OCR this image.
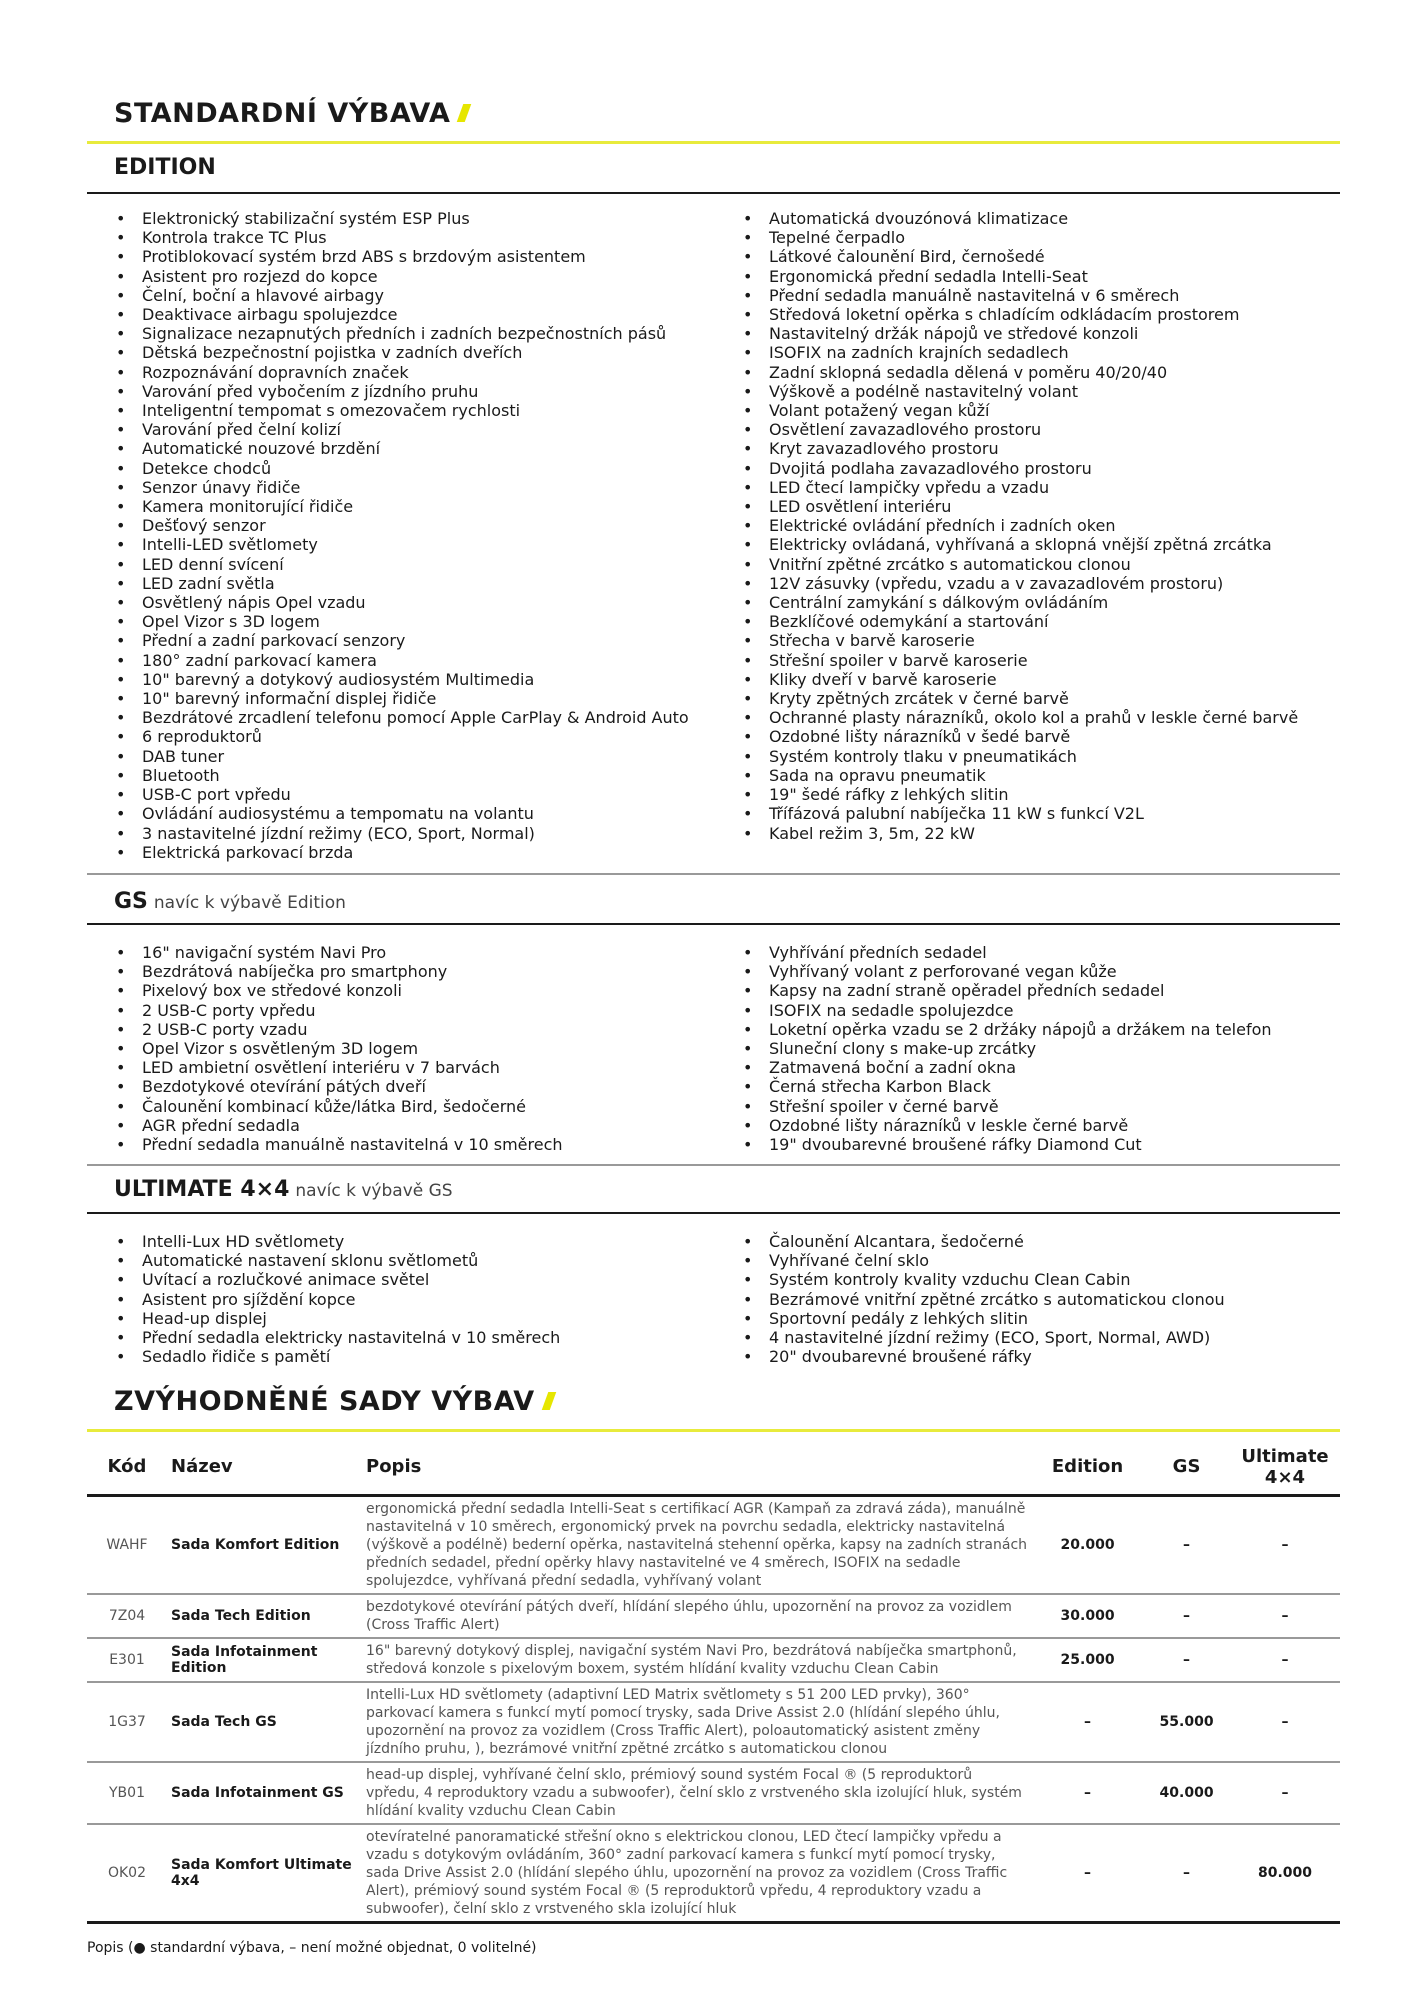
STANDARDNÍ VÝBAVA
EDITION
• Elektronický stabilizační systém ESP Plus
• Kontrola trakce TC Plus
• Protiblokovací systém brzd ABS s brzdovým asistentem
• Asistent pro rozjezd do kopce
• Čelní, boční a hlavové airbagy
• Deaktivace airbagu spolujezdce
• Signalizace nezapnutých předních i zadních bezpečnostních pásů
• Dětská bezpečnostní pojistka v zadních dveřích
• Rozpoznávání dopravních značek
• Varování před vybočením z jízdního pruhu
• Inteligentní tempomat s omezovačem rychlosti
• Varování před čelní kolizí
• Automatické nouzové brzdění
• Detekce chodců
• Senzor únavy řidiče
• Kamera monitorující řidiče
• Dešťový senzor
• Intelli-LED světlomety
• LED denní svícení
• LED zadní světla
• Osvětlený nápis Opel vzadu
• Opel Vizor s 3D logem
• Přední a zadní parkovací senzory
• 180° zadní parkovací kamera
• 10" barevný a dotykový audiosystém Multimedia
• 10" barevný informační displej řidiče
• Bezdrátové zrcadlení telefonu pomocí Apple CarPlay & Android Auto
• 6 reproduktorů
• DAB tuner
• Bluetooth
• USB-C port vpředu
• Ovládání audiosystému a tempomatu na volantu
• 3 nastavitelné jízdní režimy (ECO, Sport, Normal)
• Elektrická parkovací brzda
• Automatická dvouzónová klimatizace
• Tepelné čerpadlo
• Látkové čalounění Bird, černošedé
• Ergonomická přední sedadla Intelli-Seat
• Přední sedadla manuálně nastavitelná v 6 směrech
• Středová loketní opěrka s chladícím odkládacím prostorem
• Nastavitelný držák nápojů ve středové konzoli
• ISOFIX na zadních krajních sedadlech
• Zadní sklopná sedadla dělená v poměru 40/20/40
• Výškově a podélně nastavitelný volant
• Volant potažený vegan kůží
• Osvětlení zavazadlového prostoru
• Kryt zavazadlového prostoru
• Dvojitá podlaha zavazadlového prostoru
• LED čtecí lampičky vpředu a vzadu
• LED osvětlení interiéru
• Elektrické ovládání předních i zadních oken
• Elektricky ovládaná, vyhřívaná a sklopná vnější zpětná zrcátka
• Vnitřní zpětné zrcátko s automatickou clonou
• 12V zásuvky (vpředu, vzadu a v zavazadlovém prostoru)
• Centrální zamykání s dálkovým ovládáním
• Bezklíčové odemykání a startování
• Střecha v barvě karoserie
• Střešní spoiler v barvě karoserie
• Kliky dveří v barvě karoserie
• Kryty zpětných zrcátek v černé barvě
• Ochranné plasty nárazníků, okolo kol a prahů v leskle černé barvě
• Ozdobné lišty nárazníků v šedé barvě
• Systém kontroly tlaku v pneumatikách
• Sada na opravu pneumatik
• 19" šedé ráfky z lehkých slitin
• Třífázová palubní nabíječka 11 kW s funkcí V2L
• Kabel režim 3, 5m, 22 kW
GS navíc k výbavě Edition
• 16" navigační systém Navi Pro
• Bezdrátová nabíječka pro smartphony
• Pixelový box ve středové konzoli
• 2 USB-C porty vpředu
• 2 USB-C porty vzadu
• Opel Vizor s osvětleným 3D logem
• LED ambietní osvětlení interiéru v 7 barvách
• Bezdotykové otevírání pátých dveří
• Čalounění kombinací kůže/látka Bird, šedočerné
• AGR přední sedadla
• Přední sedadla manuálně nastavitelná v 10 směrech
• Vyhřívání předních sedadel
• Vyhřívaný volant z perforované vegan kůže
• Kapsy na zadní straně opěradel předních sedadel
• ISOFIX na sedadle spolujezdce
• Loketní opěrka vzadu se 2 držáky nápojů a držákem na telefon
• Sluneční clony s make-up zrcátky
• Zatmavená boční a zadní okna
• Černá střecha Karbon Black
• Střešní spoiler v černé barvě
• Ozdobné lišty nárazníků v leskle černé barvě
• 19" dvoubarevné broušené ráfky Diamond Cut
ULTIMATE 4×4 navíc k výbavě GS
• Intelli-Lux HD světlomety
• Automatické nastavení sklonu světlometů
• Uvítací a rozlučkové animace světel
• Asistent pro sjíždění kopce
• Head-up displej
• Přední sedadla elektricky nastavitelná v 10 směrech
• Sedadlo řidiče s pamětí
• Čalounění Alcantara, šedočerné
• Vyhřívané čelní sklo
• Systém kontroly kvality vzduchu Clean Cabin
• Bezrámové vnitřní zpětné zrcátko s automatickou clonou
• Sportovní pedály z lehkých slitin
• 4 nastavitelné jízdní režimy (ECO, Sport, Normal, AWD)
• 20" dvoubarevné broušené ráfky
ZVÝHODNĚNÉ SADY VÝBAV
Kód	Název	Popis	Edition	GS	Ultimate 4×4
WAHF	Sada Komfort Edition	ergonomická přední sedadla Intelli-Seat s certifikací AGR (Kampaň za zdravá záda), manuálně nastavitelná v 10 směrech, ergonomický prvek na povrchu sedadla, elektricky nastavitelná (výškově a podélně) bederní opěrka, nastavitelná stehenní opěrka, kapsy na zadních stranách předních sedadel, přední opěrky hlavy nastavitelné ve 4 směrech, ISOFIX na sedadle spolujezdce, vyhřívaná přední sedadla, vyhřívaný volant	20.000	–	–
7Z04	Sada Tech Edition	bezdotykové otevírání pátých dveří, hlídání slepého úhlu, upozornění na provoz za vozidlem (Cross Traffic Alert)	30.000	–	–
E301	Sada Infotainment Edition	16" barevný dotykový displej, navigační systém Navi Pro, bezdrátová nabíječka smartphonů, středová konzole s pixelovým boxem, systém hlídání kvality vzduchu Clean Cabin	25.000	–	–
1G37	Sada Tech GS	Intelli-Lux HD světlomety (adaptivní LED Matrix světlomety s 51 200 LED prvky), 360° parkovací kamera s funkcí mytí pomocí trysky, sada Drive Assist 2.0 (hlídání slepého úhlu, upozornění na provoz za vozidlem (Cross Traffic Alert), poloautomatický asistent změny jízdního pruhu, ), bezrámové vnitřní zpětné zrcátko s automatickou clonou	–	55.000	–
YB01	Sada Infotainment GS	head-up displej, vyhřívané čelní sklo, prémiový sound systém Focal ® (5 reproduktorů vpředu, 4 reproduktory vzadu a subwoofer), čelní sklo z vrstveného skla izolující hluk, systém hlídání kvality vzduchu Clean Cabin	–	40.000	–
OK02	Sada Komfort Ultimate 4x4	otevíratelné panoramatické střešní okno s elektrickou clonou, LED čtecí lampičky vpředu a vzadu s dotykovým ovládáním, 360° zadní parkovací kamera s funkcí mytí pomocí trysky, sada Drive Assist 2.0 (hlídání slepého úhlu, upozornění na provoz za vozidlem (Cross Traffic Alert), prémiový sound systém Focal ® (5 reproduktorů vpředu, 4 reproduktory vzadu a subwoofer), čelní sklo z vrstveného skla izolující hluk	–	–	80.000
Popis (● standardní výbava, – není možné objednat, 0 volitelné)
